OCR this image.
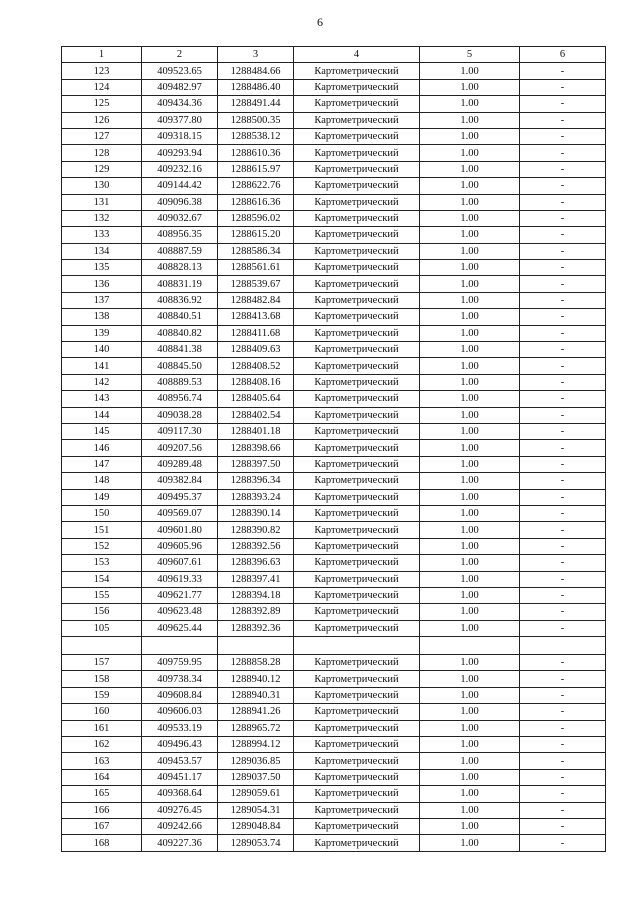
6
1	2	3	4	5	6
123	409523.65	1288484.66	Картометрический	1.00	-
124	409482.97	1288486.40	Картометрический	1.00	-
125	409434.36	1288491.44	Картометрический	1.00	-
126	409377.80	1288500.35	Картометрический	1.00	-
127	409318.15	1288538.12	Картометрический	1.00	-
128	409293.94	1288610.36	Картометрический	1.00	-
129	409232.16	1288615.97	Картометрический	1.00	-
130	409144.42	1288622.76	Картометрический	1.00	-
131	409096.38	1288616.36	Картометрический	1.00	-
132	409032.67	1288596.02	Картометрический	1.00	-
133	408956.35	1288615.20	Картометрический	1.00	-
134	408887.59	1288586.34	Картометрический	1.00	-
135	408828.13	1288561.61	Картометрический	1.00	-
136	408831.19	1288539.67	Картометрический	1.00	-
137	408836.92	1288482.84	Картометрический	1.00	-
138	408840.51	1288413.68	Картометрический	1.00	-
139	408840.82	1288411.68	Картометрический	1.00	-
140	408841.38	1288409.63	Картометрический	1.00	-
141	408845.50	1288408.52	Картометрический	1.00	-
142	408889.53	1288408.16	Картометрический	1.00	-
143	408956.74	1288405.64	Картометрический	1.00	-
144	409038.28	1288402.54	Картометрический	1.00	-
145	409117.30	1288401.18	Картометрический	1.00	-
146	409207.56	1288398.66	Картометрический	1.00	-
147	409289.48	1288397.50	Картометрический	1.00	-
148	409382.84	1288396.34	Картометрический	1.00	-
149	409495.37	1288393.24	Картометрический	1.00	-
150	409569.07	1288390.14	Картометрический	1.00	-
151	409601.80	1288390.82	Картометрический	1.00	-
152	409605.96	1288392.56	Картометрический	1.00	-
153	409607.61	1288396.63	Картометрический	1.00	-
154	409619.33	1288397.41	Картометрический	1.00	-
155	409621.77	1288394.18	Картометрический	1.00	-
156	409623.48	1288392.89	Картометрический	1.00	-
105	409625.44	1288392.36	Картометрический	1.00	-

157	409759.95	1288858.28	Картометрический	1.00	-
158	409738.34	1288940.12	Картометрический	1.00	-
159	409608.84	1288940.31	Картометрический	1.00	-
160	409606.03	1288941.26	Картометрический	1.00	-
161	409533.19	1288965.72	Картометрический	1.00	-
162	409496.43	1288994.12	Картометрический	1.00	-
163	409453.57	1289036.85	Картометрический	1.00	-
164	409451.17	1289037.50	Картометрический	1.00	-
165	409368.64	1289059.61	Картометрический	1.00	-
166	409276.45	1289054.31	Картометрический	1.00	-
167	409242.66	1289048.84	Картометрический	1.00	-
168	409227.36	1289053.74	Картометрический	1.00	-
